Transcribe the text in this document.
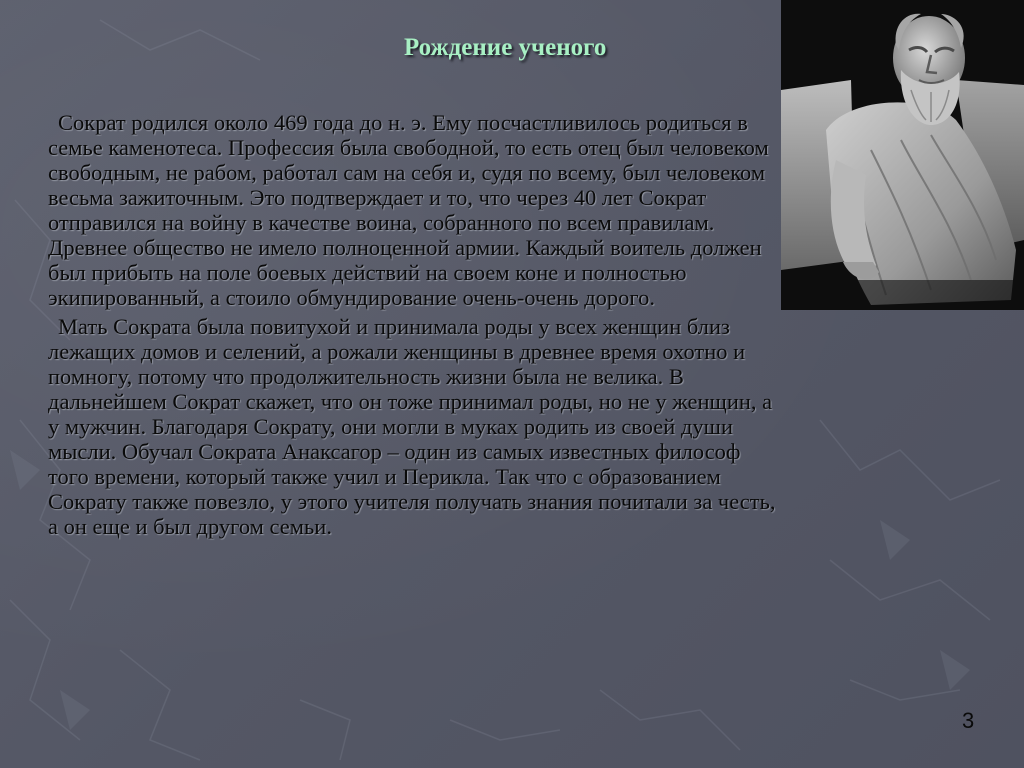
Рождение ученого

Сократ родился около 469 года до н. э. Ему посчастливилось родиться в семье каменотеса. Профессия была свободной, то есть отец был человеком свободным, не рабом, работал сам на себя и, судя по всему, был человеком весьма зажиточным. Это подтверждает и то, что через 40 лет Сократ отправился на войну в качестве воина, собранного по всем правилам. Древнее общество не имело полноценной армии. Каждый воитель должен был прибыть на поле боевых действий на своем коне и полностью экипированный, а стоило обмундирование очень-очень дорого.

Мать Сократа была повитухой и принимала роды у всех женщин близ лежащих домов и селений, а рожали женщины в древнее время охотно и помногу, потому что продолжительность жизни была не велика. В дальнейшем Сократ скажет, что он тоже принимал роды, но не у женщин, а у мужчин. Благодаря Сократу, они могли в муках родить из своей души мысли. Обучал Сократа Анаксагор – один из самых известных философ того времени, который также учил и Перикла. Так что с образованием Сократу также повезло, у этого учителя получать знания почитали за честь, а он еще и был другом семьи.

3
